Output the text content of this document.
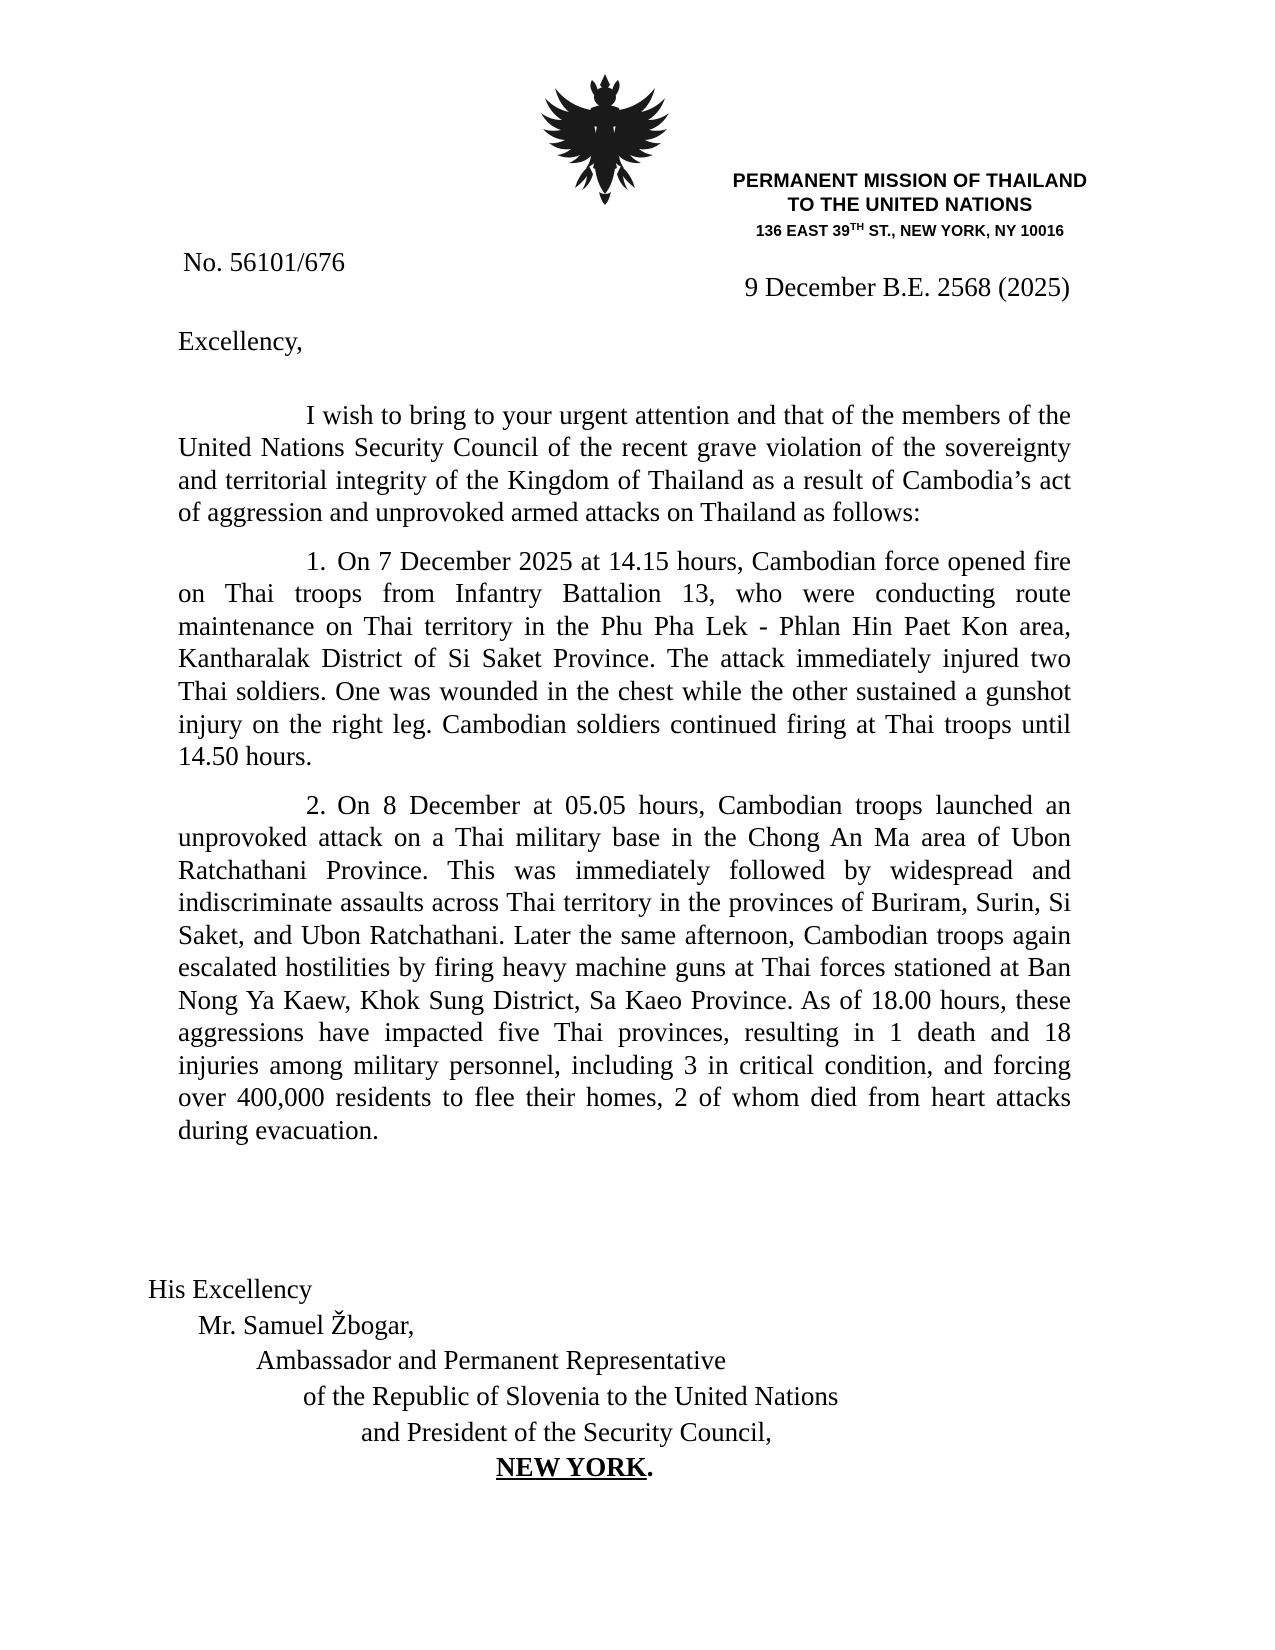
PERMANENT MISSION OF THAILAND
TO THE UNITED NATIONS
136 EAST 39TH ST., NEW YORK, NY 10016
No. 56101/676
9 December B.E. 2568 (2025)
Excellency,

I wish to bring to your urgent attention and that of the members of the United Nations Security Council of the recent grave violation of the sovereignty and territorial integrity of the Kingdom of Thailand as a result of Cambodia’s act of aggression and unprovoked armed attacks on Thailand as follows:

1. On 7 December 2025 at 14.15 hours, Cambodian force opened fire on Thai troops from Infantry Battalion 13, who were conducting route maintenance on Thai territory in the Phu Pha Lek - Phlan Hin Paet Kon area, Kantharalak District of Si Saket Province. The attack immediately injured two Thai soldiers. One was wounded in the chest while the other sustained a gunshot injury on the right leg. Cambodian soldiers continued firing at Thai troops until 14.50 hours.

2. On 8 December at 05.05 hours, Cambodian troops launched an unprovoked attack on a Thai military base in the Chong An Ma area of Ubon Ratchathani Province. This was immediately followed by widespread and indiscriminate assaults across Thai territory in the provinces of Buriram, Surin, Si Saket, and Ubon Ratchathani. Later the same afternoon, Cambodian troops again escalated hostilities by firing heavy machine guns at Thai forces stationed at Ban Nong Ya Kaew, Khok Sung District, Sa Kaeo Province. As of 18.00 hours, these aggressions have impacted five Thai provinces, resulting in 1 death and 18 injuries among military personnel, including 3 in critical condition, and forcing over 400,000 residents to flee their homes, 2 of whom died from heart attacks during evacuation.

His Excellency
Mr. Samuel Žbogar,
Ambassador and Permanent Representative
of the Republic of Slovenia to the United Nations
and President of the Security Council,
NEW YORK.
